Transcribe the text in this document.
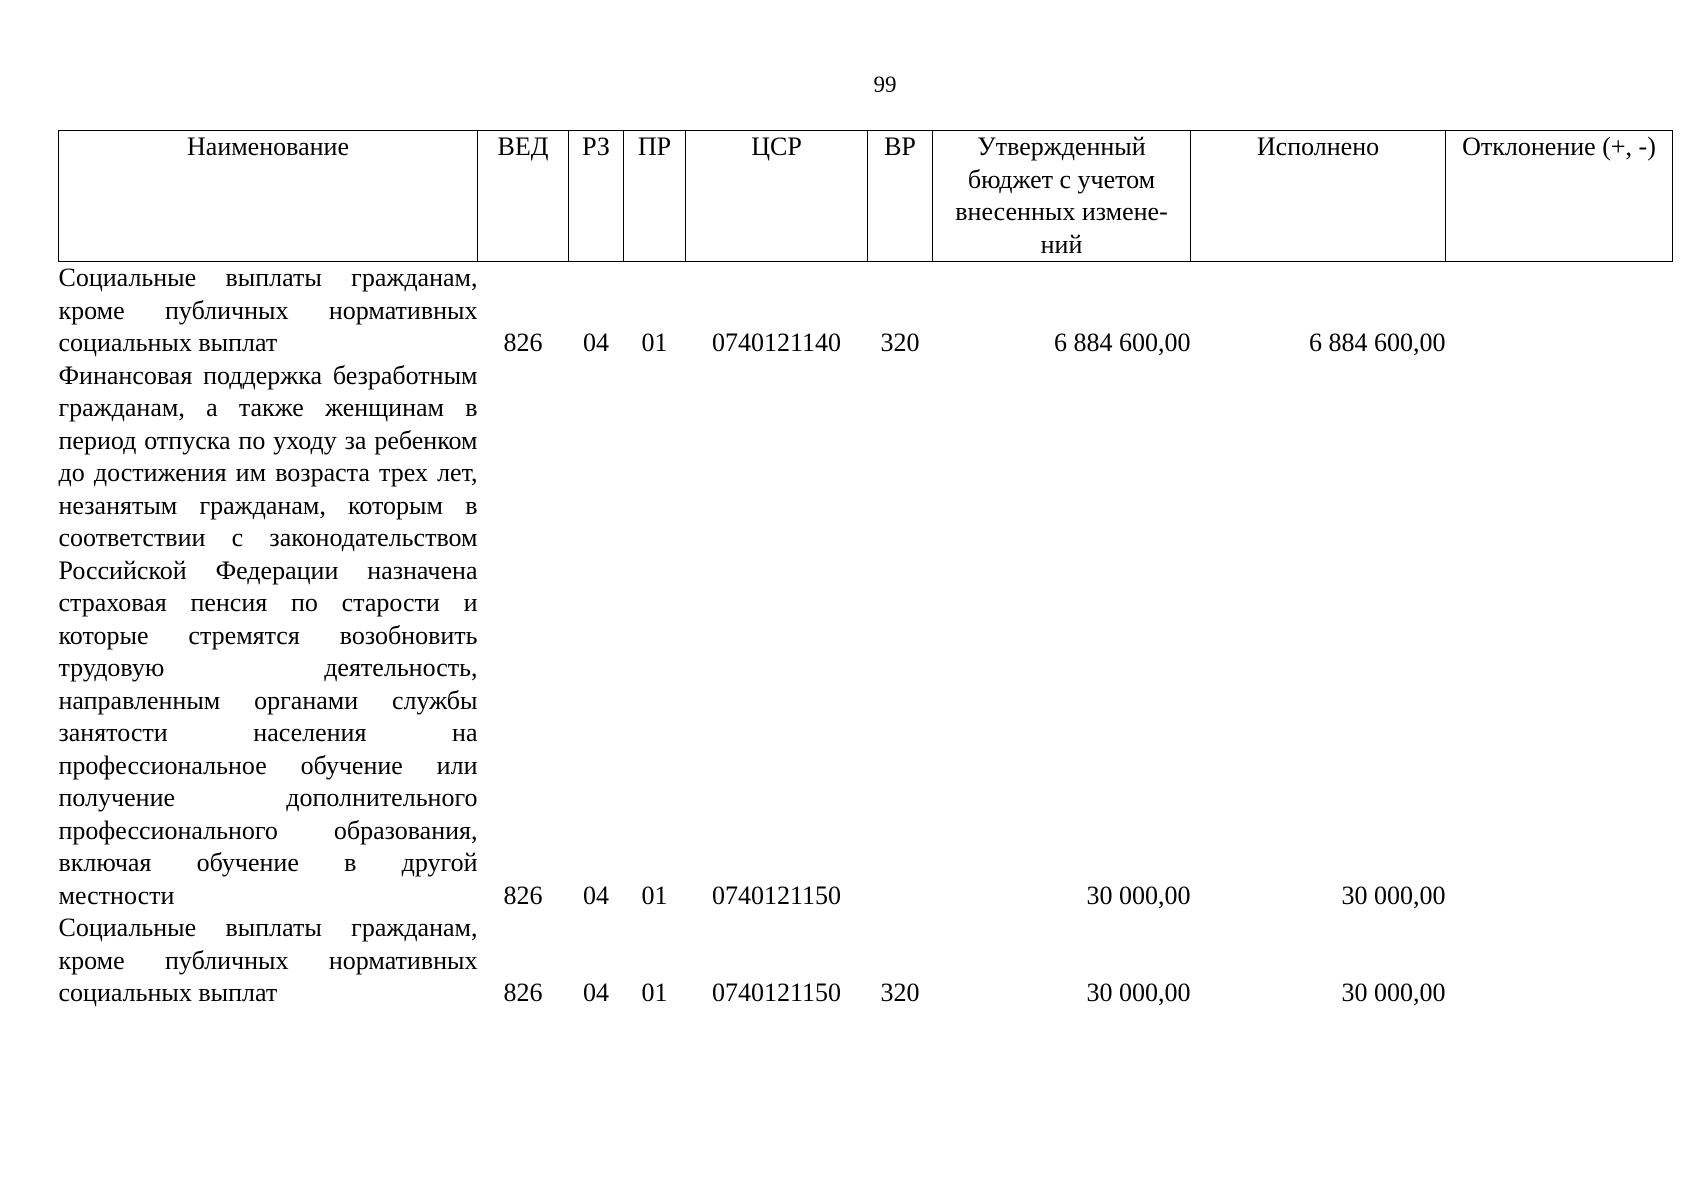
99
Наименование	ВЕД	РЗ	ПР	ЦСР	ВР	Утвержденный бюджет с учетом внесенных измене-ний	Исполнено	Отклонение (+, -)
Социальные выплаты гражданам, кроме публичных нормативных социальных выплат	826	04	01	0740121140	320	6 884 600,00	6 884 600,00	
Финансовая поддержка безработным гражданам, а также женщинам в период отпуска по уходу за ребенком до достижения им возраста трех лет, незанятым гражданам, которым в соответствии с законодательством Российской Федерации назначена страховая пенсия по старости и которые стремятся возобновить трудовую деятельность, направленным органами службы занятости населения на профессиональное обучение или получение дополнительного профессионального образования, включая обучение в другой местности	826	04	01	0740121150		30 000,00	30 000,00	
Социальные выплаты гражданам, кроме публичных нормативных социальных выплат	826	04	01	0740121150	320	30 000,00	30 000,00	
